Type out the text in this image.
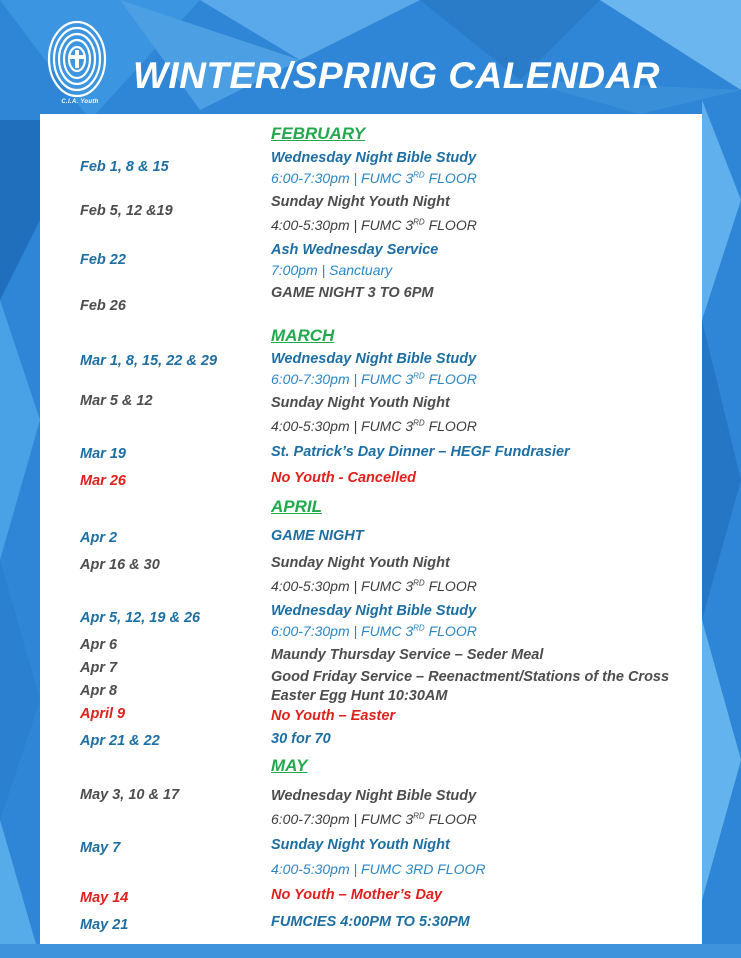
C.I.A. Youth
WINTER/SPRING CALENDAR
FEBRUARY
Feb 1, 8 & 15
Wednesday Night Bible Study
6:00-7:30pm | FUMC 3RD FLOOR
Feb 5, 12 &19
Sunday Night Youth Night
4:00-5:30pm | FUMC 3RD FLOOR
Feb 22
Ash Wednesday Service
7:00pm | Sanctuary
Feb 26
GAME NIGHT 3 TO 6PM
MARCH
Mar 1, 8, 15, 22 & 29	Wednesday Night Bible Study
6:00-7:30pm | FUMC 3RD FLOOR
Mar 5 & 12	Sunday Night Youth Night
4:00-5:30pm | FUMC 3RD FLOOR
Mar 19	St. Patrick’s Day Dinner – HEGF Fundrasier
Mar 26	No Youth - Cancelled
APRIL
Apr 2	GAME NIGHT
Apr 16 & 30	Sunday Night Youth Night
4:00-5:30pm | FUMC 3RD FLOOR
Apr 5, 12, 19 & 26	Wednesday Night Bible Study
6:00-7:30pm | FUMC 3RD FLOOR
Apr 6
Maundy Thursday Service – Seder Meal
Apr 7
Good Friday Service – Reenactment/Stations of the Cross
Apr 8	Easter Egg Hunt 10:30AM
April 9	No Youth – Easter
Apr 21 & 22	30 for 70
MAY
May 3, 10 & 17	Wednesday Night Bible Study
6:00-7:30pm | FUMC 3RD FLOOR
May 7	Sunday Night Youth Night
4:00-5:30pm | FUMC 3RD FLOOR
May 14	No Youth – Mother’s Day
May 21	FUMCIES 4:00PM TO 5:30PM
